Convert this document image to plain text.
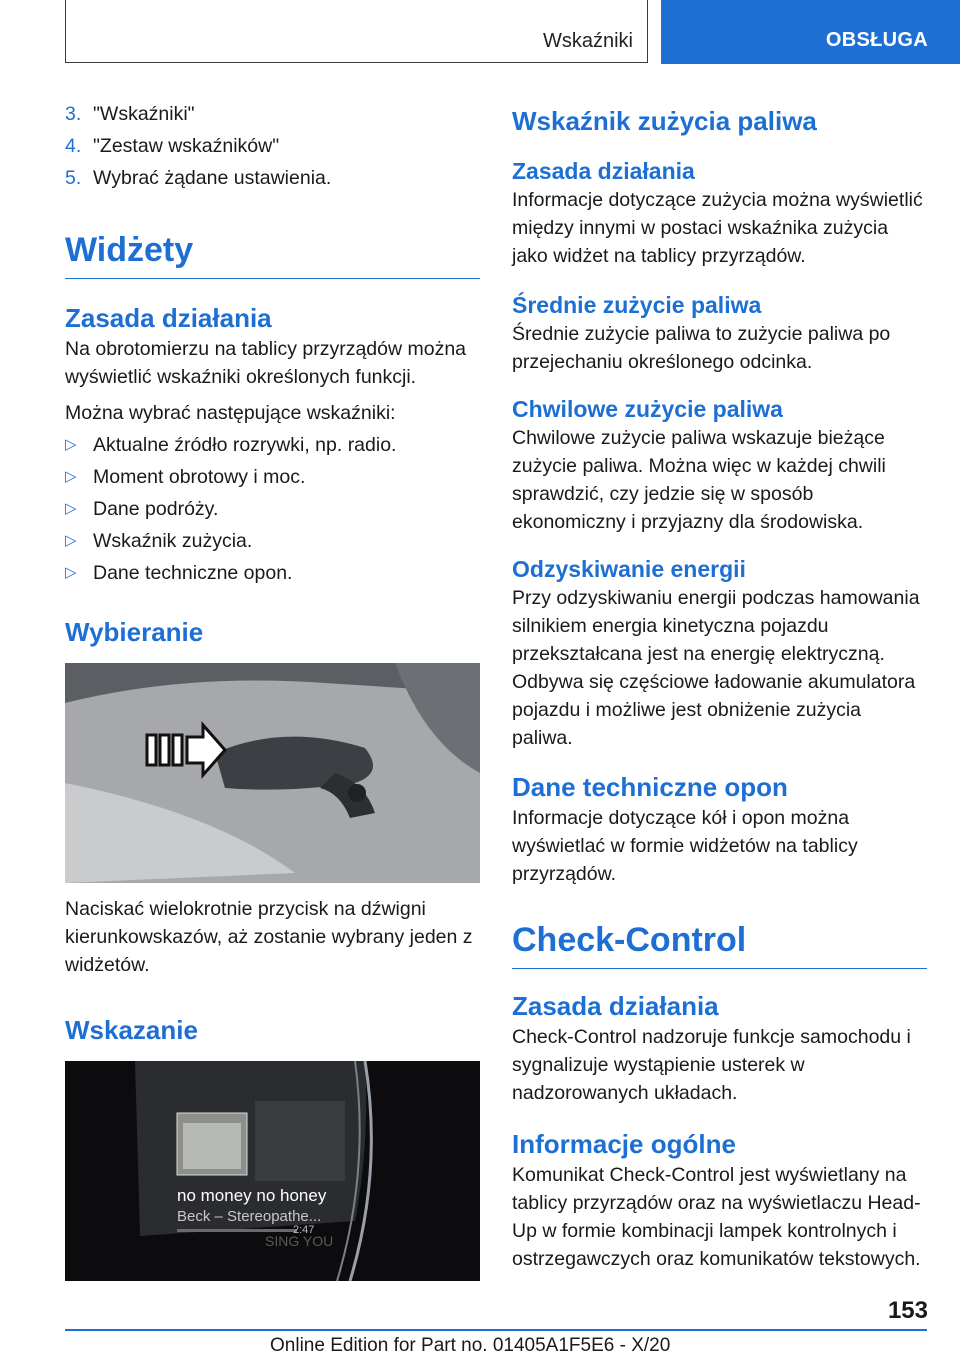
Wskaźniki	OBSŁUGA
3. "Wskaźniki"
4. "Zestaw wskaźników"
5. Wybrać żądane ustawienia.
Widżety
Zasada działania

Na obrotomierzu na tablicy przyrządów można wyświetlić wskaźniki określonych funkcji.

Można wybrać następujące wskaźniki:

▷ Aktualne źródło rozrywki, np. radio.
▷ Moment obrotowy i moc.
▷ Dane podróży.
▷ Wskaźnik zużycia.
▷ Dane techniczne opon.
Wybieranie

Naciskać wielokrotnie przycisk na dźwigni kierunkowskazów, aż zostanie wybrany jeden z widżetów.

Wskazanie
no money no honey
Beck – Stereopathe...
SING YOU
2:47
Wskaźnik zużycia paliwa
Zasada działania

Informacje dotyczące zużycia można wyświetlić między innymi w postaci wskaźnika zużycia jako widżet na tablicy przyrządów.

Średnie zużycie paliwa

Średnie zużycie paliwa to zużycie paliwa po przejechaniu określonego odcinka.

Chwilowe zużycie paliwa

Chwilowe zużycie paliwa wskazuje bieżące zużycie paliwa. Można więc w każdej chwili sprawdzić, czy jedzie się w sposób ekonomiczny i przyjazny dla środowiska.

Odzyskiwanie energii

Przy odzyskiwaniu energii podczas hamowania silnikiem energia kinetyczna pojazdu przekształcana jest na energię elektryczną. Odbywa się częściowe ładowanie akumulatora pojazdu i możliwe jest obniżenie zużycia paliwa.

Dane techniczne opon

Informacje dotyczące kół i opon można wyświetlać w formie widżetów na tablicy przyrządów.

Check-Control
Zasada działania

Check-Control nadzoruje funkcje samochodu i sygnalizuje wystąpienie usterek w nadzorowanych układach.

Informacje ogólne

Komunikat Check-Control jest wyświetlany na tablicy przyrządów oraz na wyświetlaczu Head-Up w formie kombinacji lampek kontrolnych i ostrzegawczych oraz komunikatów tekstowych.

153
Online Edition for Part no. 01405A1F5E6 - X/20
